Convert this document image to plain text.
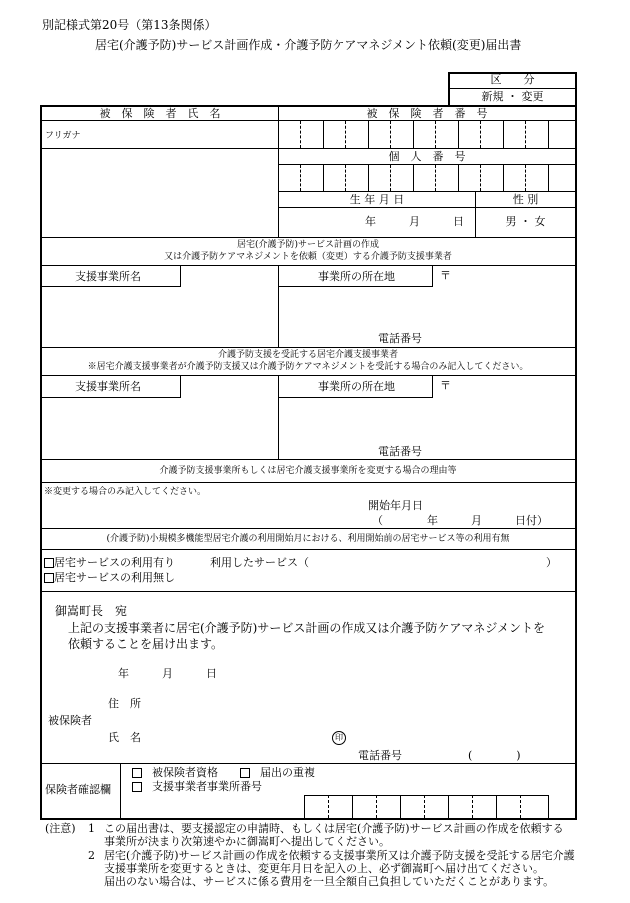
別記様式第20号（第13条関係）
居宅(介護予防)サービス計画作成・介護予防ケアマネジメント依頼(変更)届出書
区　　分
新規 ・ 変更
被　保　険　者　氏　名	被　保　険　者　番　号
フリガナ
個　人　番　号
生 年 月 日	性 別
年　　　月　　　日	男 ・ 女
居宅(介護予防)サービス計画の作成
又は介護予防ケアマネジメントを依頼（変更）する介護予防支援事業者
支援事業所名	事業所の所在地	〒
電話番号
介護予防支援を受託する居宅介護支援事業者
※居宅介護支援事業者が介護予防支援又は介護予防ケアマネジメントを受託する場合のみ記入してください。
支援事業所名	事業所の所在地	〒
電話番号
介護予防支援事業所もしくは居宅介護支援事業所を変更する場合の理由等
※変更する場合のみ記入してください。
開始年月日
（　　　　年　　　月　　　日付）
(介護予防)小規模多機能型居宅介護の利用開始月における、利用開始前の居宅サービス等の利用有無
居宅サービスの利用有り	利用したサービス（	）
居宅サービスの利用無し
御嵩町長　宛
上記の支援事業者に居宅(介護予防)サービス計画の作成又は介護予防ケアマネジメントを
依頼することを届け出ます。
年　　　月　　　日
住　所
被保険者
氏　名	印
電話番号	(　　　　)
保険者確認欄
被保険者資格	届出の重複
支援事業者事業所番号
(注意) 1 この届出書は、要支援認定の申請時、もしくは居宅(介護予防)サービス計画の作成を依頼する
事業所が決まり次第速やかに御嵩町へ提出してください。
2 居宅(介護予防)サービス計画の作成を依頼する支援事業所又は介護予防支援を受託する居宅介護
支援事業所を変更するときは、変更年月日を記入の上、必ず御嵩町へ届け出てください。
届出のない場合は、サービスに係る費用を一旦全額自己負担していただくことがあります。
